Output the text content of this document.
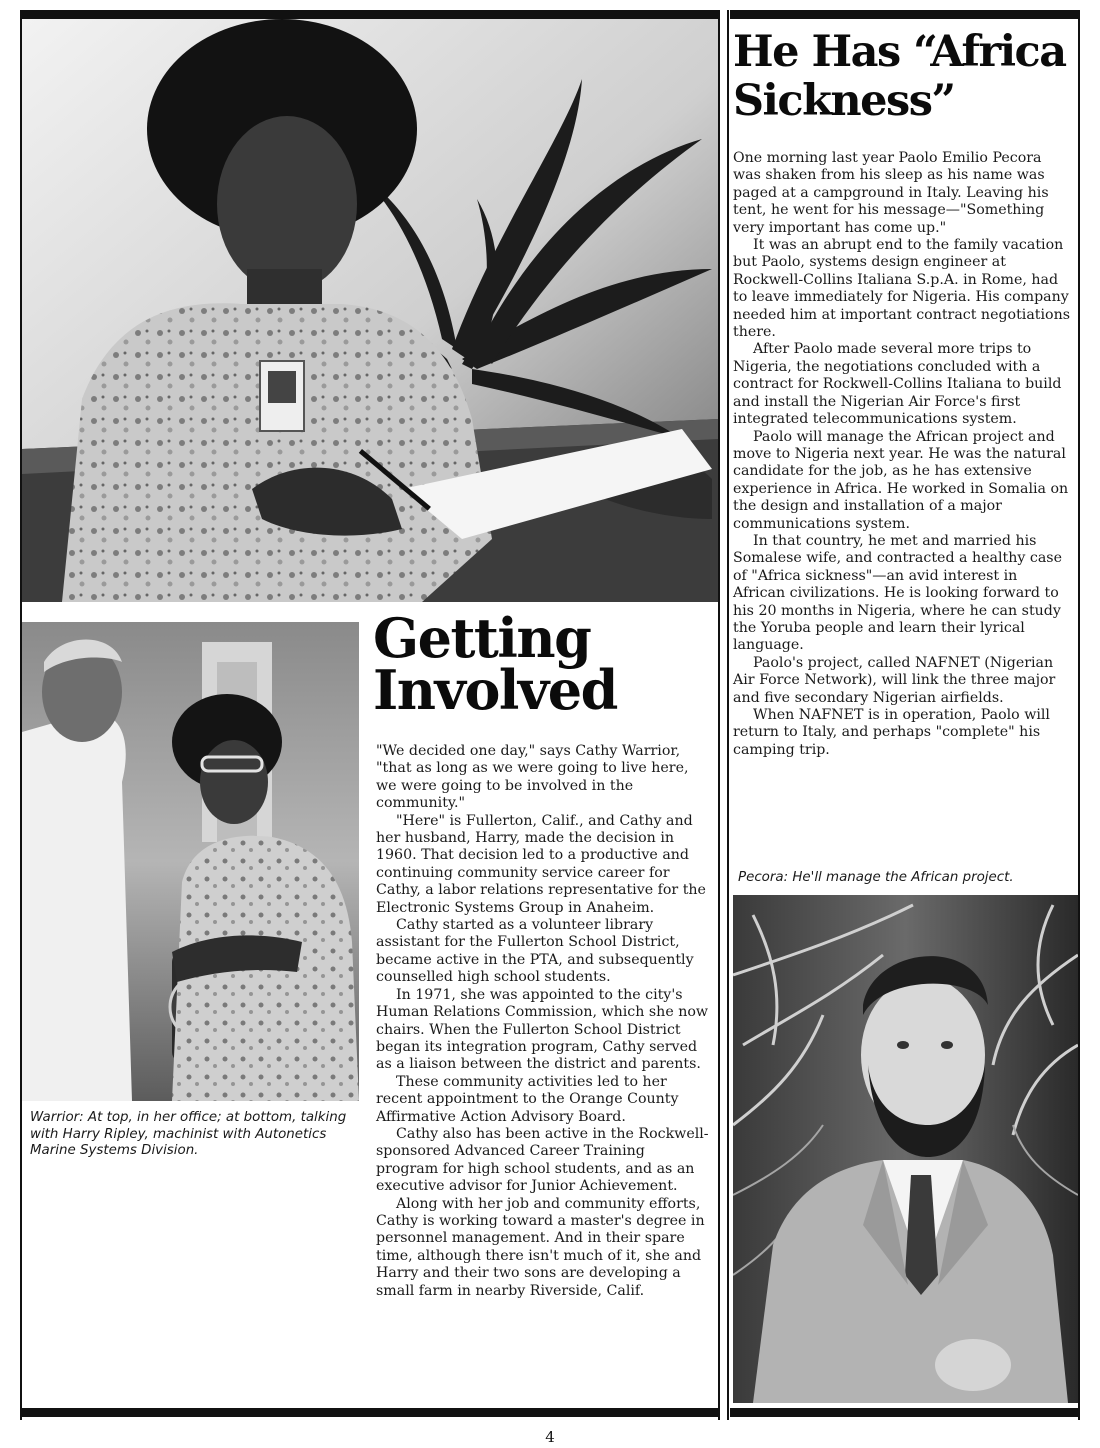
Getting
Involved
Warrior: At top, in her office; at bottom, talking with Harry Ripley, machinist with Autonetics Marine Systems Division.

"We decided one day," says Cathy Warrior, "that as long as we were going to live here, we were going to be involved in the community."

"Here" is Fullerton, Calif., and Cathy and her husband, Harry, made the decision in 1960. That decision led to a productive and continuing community service career for Cathy, a labor relations representative for the Electronic Systems Group in Anaheim.

Cathy started as a volunteer library assistant for the Fullerton School District, became active in the PTA, and subsequently counselled high school students.

In 1971, she was appointed to the city's Human Relations Commission, which she now chairs. When the Fullerton School District began its integration program, Cathy served as a liaison between the district and parents.

These community activities led to her recent appointment to the Orange County Affirmative Action Advisory Board.

Cathy also has been active in the Rockwell-sponsored Advanced Career Training program for high school students, and as an executive advisor for Junior Achievement.

Along with her job and community efforts, Cathy is working toward a master's degree in personnel management. And in their spare time, although there isn't much of it, she and Harry and their two sons are developing a small farm in nearby Riverside, Calif.

He Has “Africa
Sickness”

One morning last year Paolo Emilio Pecora was shaken from his sleep as his name was paged at a campground in Italy. Leaving his tent, he went for his message—"Something very important has come up."

It was an abrupt end to the family vacation but Paolo, systems design engineer at Rockwell-Collins Italiana S.p.A. in Rome, had to leave immediately for Nigeria. His company needed him at important contract negotiations there.

After Paolo made several more trips to Nigeria, the negotiations concluded with a contract for Rockwell-Collins Italiana to build and install the Nigerian Air Force's first integrated telecommunications system.

Paolo will manage the African project and move to Nigeria next year. He was the natural candidate for the job, as he has extensive experience in Africa. He worked in Somalia on the design and installation of a major communications system.

In that country, he met and married his Somalese wife, and contracted a healthy case of "Africa sickness"—an avid interest in African civilizations. He is looking forward to his 20 months in Nigeria, where he can study the Yoruba people and learn their lyrical language.

Paolo's project, called NAFNET (Nigerian Air Force Network), will link the three major and five secondary Nigerian airfields.

When NAFNET is in operation, Paolo will return to Italy, and perhaps "complete" his camping trip.

Pecora: He'll manage the African project.
4
